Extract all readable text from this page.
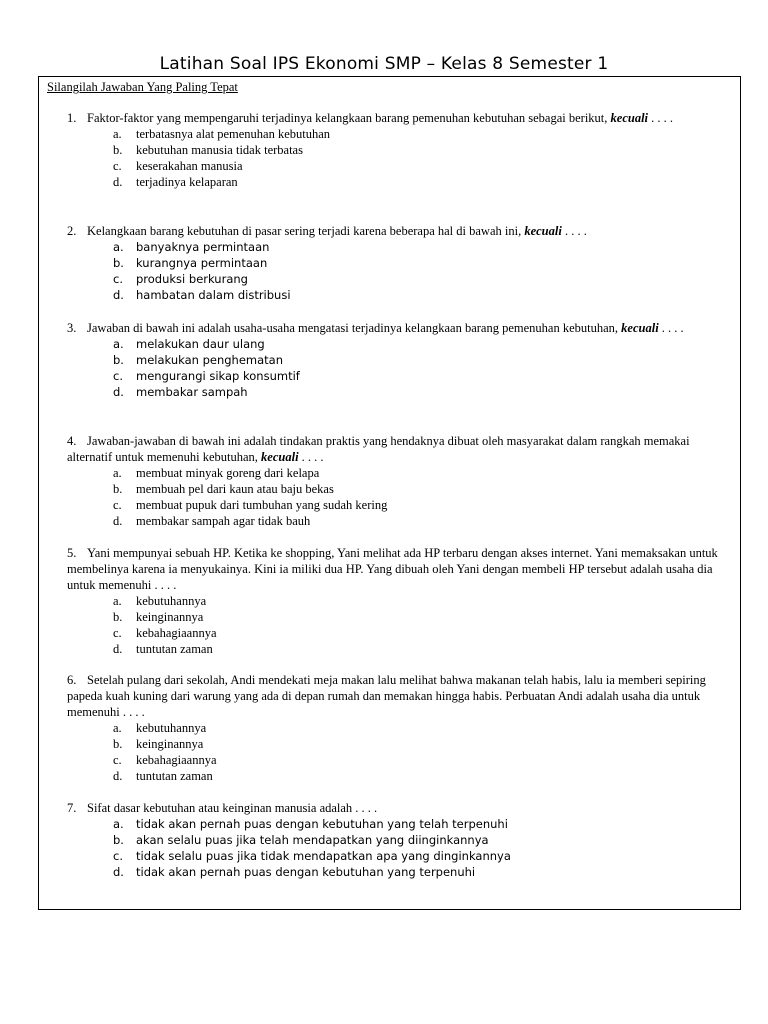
Latihan Soal IPS Ekonomi SMP – Kelas 8 Semester 1
Silangilah Jawaban Yang Paling Tepat

1. Faktor-faktor yang mempengaruhi terjadinya kelangkaan barang pemenuhan kebutuhan sebagai berikut, kecuali . . . .

a. terbatasnya alat pemenuhan kebutuhan
b. kebutuhan manusia tidak terbatas
c. keserakahan manusia
d. terjadinya kelaparan

2. Kelangkaan barang kebutuhan di pasar sering terjadi karena beberapa hal di bawah ini, kecuali . . . .

a. banyaknya permintaan
b. kurangnya permintaan
c. produksi berkurang
d. hambatan dalam distribusi

3. Jawaban di bawah ini adalah usaha-usaha mengatasi terjadinya kelangkaan barang pemenuhan kebutuhan, kecuali . . . .

a. melakukan daur ulang
b. melakukan penghematan
c. mengurangi sikap konsumtif
d. membakar sampah

4. Jawaban-jawaban di bawah ini adalah tindakan praktis yang hendaknya dibuat oleh masyarakat dalam rangkah memakai alternatif untuk memenuhi kebutuhan, kecuali . . . .

a. membuat minyak goreng dari kelapa
b. membuah pel dari kaun atau baju bekas
c. membuat pupuk dari tumbuhan yang sudah kering
d. membakar sampah agar tidak bauh

5. Yani mempunyai sebuah HP. Ketika ke shopping, Yani melihat ada HP terbaru dengan akses internet. Yani memaksakan untuk membelinya karena ia menyukainya. Kini ia miliki dua HP. Yang dibuah oleh Yani dengan membeli HP tersebut adalah usaha dia untuk memenuhi . . . .

a. kebutuhannya
b. keinginannya
c. kebahagiaannya
d. tuntutan zaman

6. Setelah pulang dari sekolah, Andi mendekati meja makan lalu melihat bahwa makanan telah habis, lalu ia memberi sepiring papeda kuah kuning dari warung yang ada di depan rumah dan memakan hingga habis. Perbuatan Andi adalah usaha dia untuk memenuhi . . . .

a. kebutuhannya
b. keinginannya
c. kebahagiaannya
d. tuntutan zaman

7. Sifat dasar kebutuhan atau keinginan manusia adalah . . . .

a. tidak akan pernah puas dengan kebutuhan yang telah terpenuhi
b. akan selalu puas jika telah mendapatkan yang diinginkannya
c. tidak selalu puas jika tidak mendapatkan apa yang dinginkannya
d. tidak akan pernah puas dengan kebutuhan yang terpenuhi
